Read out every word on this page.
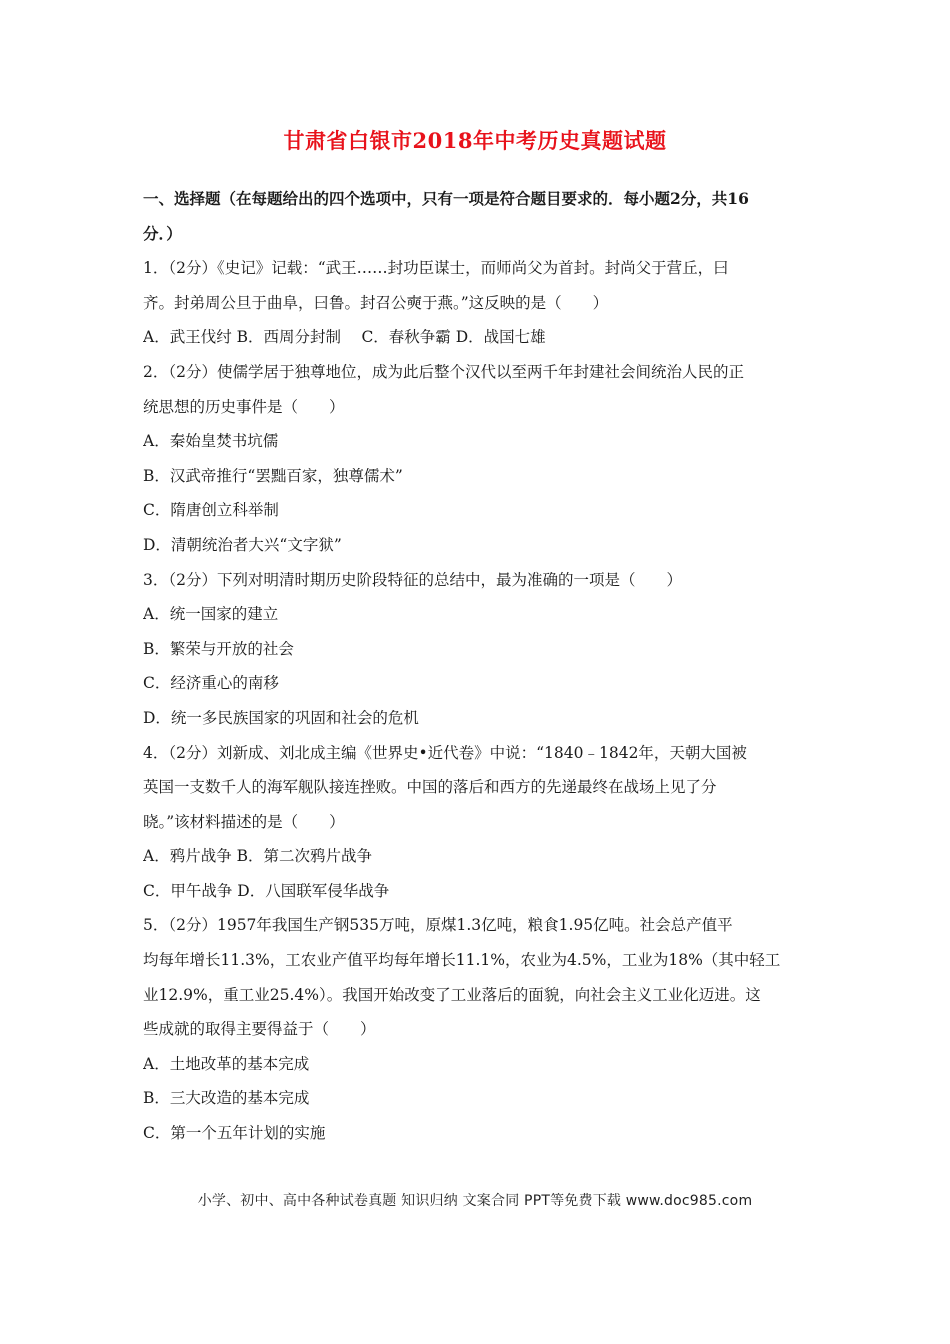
甘肃省白银市2018年中考历史真题试题
一、选择题（在每题给出的四个选项中，只有一项是符合题目要求的．每小题2分，共16
分．）
1．（2分）《史记》记载：“武王……封功臣谋士，而师尚父为首封。封尚父于营丘，曰
齐。封弟周公旦于曲阜，曰鲁。封召公奭于燕。”这反映的是（　　）
A．武王伐纣 B．西周分封制　 C．春秋争霸 D．战国七雄
2．（2分）使儒学居于独尊地位，成为此后整个汉代以至两千年封建社会间统治人民的正
统思想的历史事件是（　　）
A．秦始皇焚书坑儒
B．汉武帝推行“罢黜百家，独尊儒术”
C．隋唐创立科举制
D．清朝统治者大兴“文字狱”
3．（2分）下列对明清时期历史阶段特征的总结中，最为准确的一项是（　　）
A．统一国家的建立
B．繁荣与开放的社会
C．经济重心的南移
D．统一多民族国家的巩固和社会的危机
4．（2分）刘新成、刘北成主编《世界史•近代卷》中说：“1840﹣1842年，天朝大国被
英国一支数千人的海军舰队接连挫败。中国的落后和西方的先递最终在战场上见了分
晓。”该材料描述的是（　　）
A．鸦片战争 B．第二次鸦片战争
C．甲午战争 D．八国联军侵华战争
5．（2分）1957年我国生产钢535万吨，原煤1.3亿吨，粮食1.95亿吨。社会总产值平
均每年增长11.3%，工农业产值平均每年增长11.1%，农业为4.5%，工业为18%（其中轻工
业12.9%，重工业25.4%）。我国开始改变了工业落后的面貌，向社会主义工业化迈进。这
些成就的取得主要得益于（　　）
A．土地改革的基本完成
B．三大改造的基本完成
C．第一个五年计划的实施
小学、初中、高中各种试卷真题 知识归纳 文案合同 PPT等免费下载 www.doc985.com
